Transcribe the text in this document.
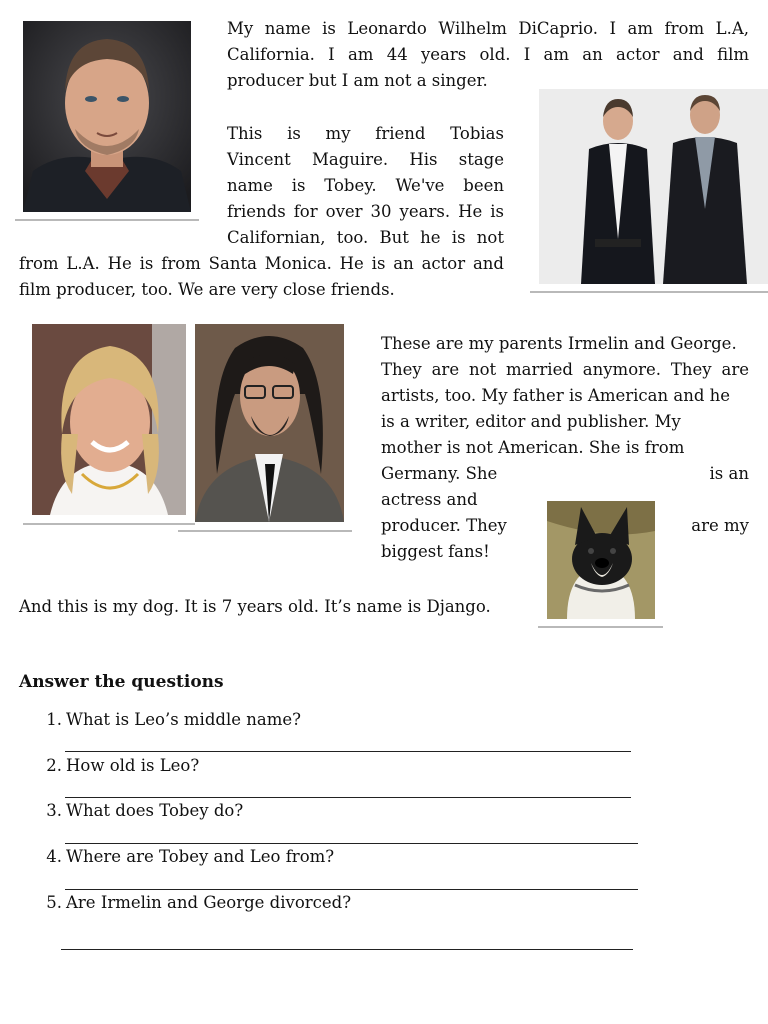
My name is Leonardo Wilhelm DiCaprio. I am from L.A,
California. I am 44 years old. I am an actor and film
producer but I am not a singer.
This is my friend Tobias
Vincent Maguire. His stage
name is Tobey. We've been
friends for over 30 years. He is
Californian, too. But he is not
from L.A. He is from Santa Monica. He is an actor and
film producer, too. We are very close friends.
These are my parents Irmelin and George.
They are not married anymore. They are
artists, too. My father is American and he
is a writer, editor and publisher. My
mother is not American. She is from
Germany. She	is an
actress and
producer. They	are my
biggest fans!
And this is my dog. It is 7 years old. It’s name is Django.
Answer the questions
1. What is Leo’s middle name?
2. How old is Leo?
3. What does Tobey do?
4. Where are Tobey and Leo from?
5. Are Irmelin and George divorced?
